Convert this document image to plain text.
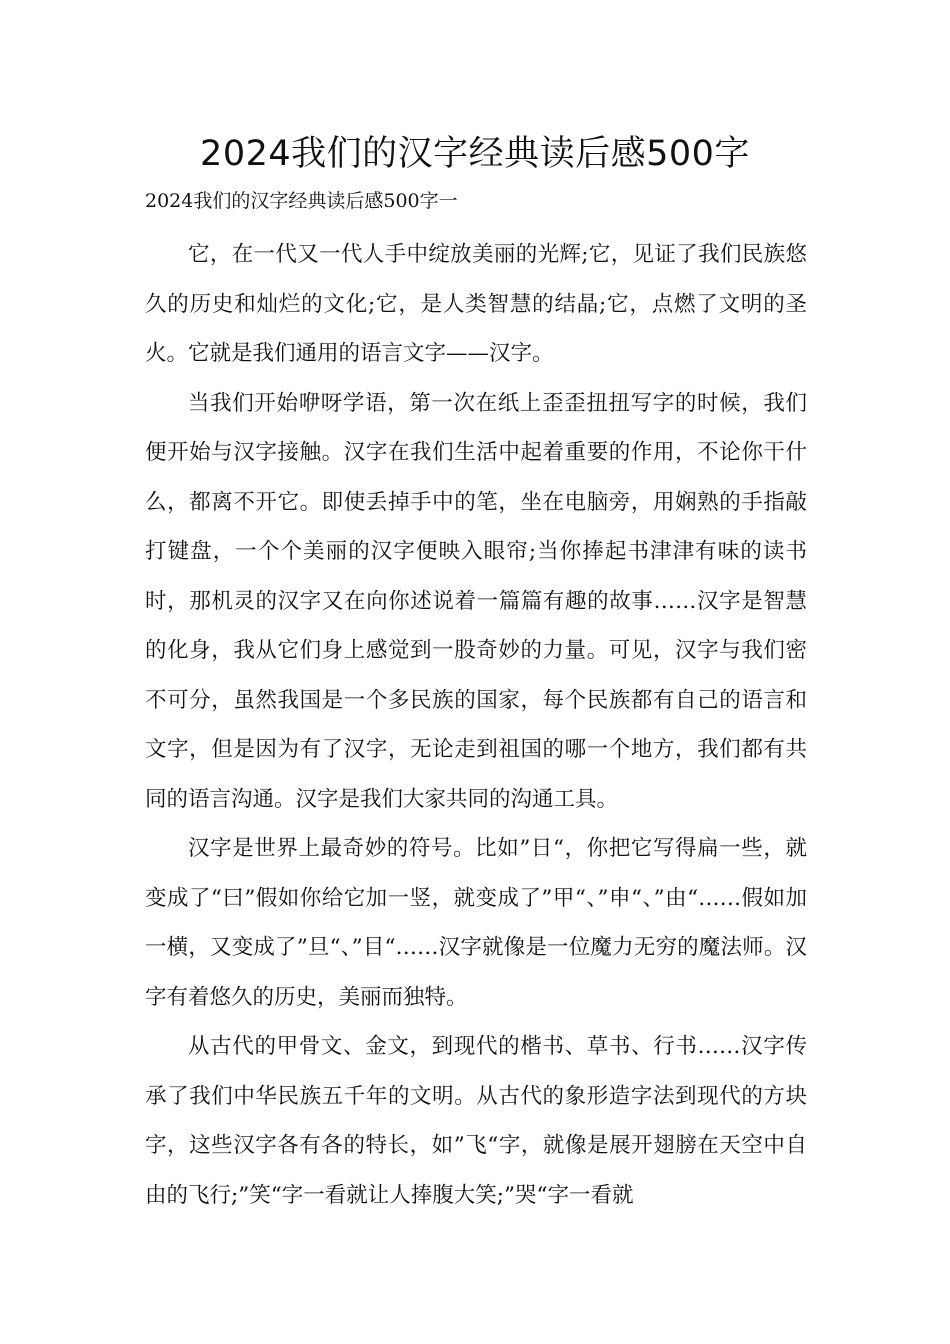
2024我们的汉字经典读后感500字

2024我们的汉字经典读后感500字一

它，在一代又一代人手中绽放美丽的光辉;它，见证了我们民族悠久的历史和灿烂的文化;它，是人类智慧的结晶;它，点燃了文明的圣火。它就是我们通用的语言文字——汉字。

当我们开始咿呀学语，第一次在纸上歪歪扭扭写字的时候，我们便开始与汉字接触。汉字在我们生活中起着重要的作用，不论你干什么，都离不开它。即使丢掉手中的笔，坐在电脑旁，用娴熟的手指敲打键盘，一个个美丽的汉字便映入眼帘;当你捧起书津津有味的读书时，那机灵的汉字又在向你述说着一篇篇有趣的故事……汉字是智慧的化身，我从它们身上感觉到一股奇妙的力量。可见，汉字与我们密不可分，虽然我国是一个多民族的国家，每个民族都有自己的语言和文字，但是因为有了汉字，无论走到祖国的哪一个地方，我们都有共同的语言沟通。汉字是我们大家共同的沟通工具。

汉字是世界上最奇妙的符号。比如”日“，你把它写得扁一些，就变成了“曰”假如你给它加一竖，就变成了”甲“、”申“、”由“……假如加一横，又变成了”旦“、”目“……汉字就像是一位魔力无穷的魔法师。汉字有着悠久的历史，美丽而独特。

从古代的甲骨文、金文，到现代的楷书、草书、行书……汉字传承了我们中华民族五千年的文明。从古代的象形造字法到现代的方块字，这些汉字各有各的特长，如”飞“字，就像是展开翅膀在天空中自由的飞行;”笑“字一看就让人捧腹大笑;”哭“字一看就
